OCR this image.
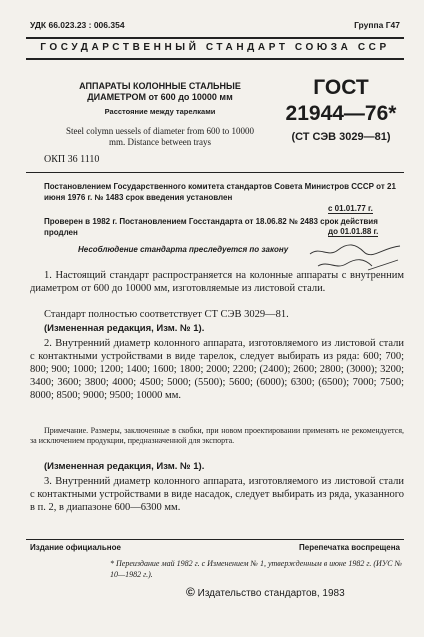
УДК 66.023.23 : 006.354	Группа Г47
ГОСУДАРСТВЕННЫЙ СТАНДАРТ СОЮЗА ССР
АППАРАТЫ КОЛОННЫЕ СТАЛЬНЫЕ ДИАМЕТРОМ от 600 до 10000 мм
Расстояние между тарелками
Steel colymn uessels of diameter from 600 to 10000 mm. Distance between trays
ГОСТ
21944—76*
(СТ СЭВ 3029—81)
ОКП 36 1110
Постановлением Государственного комитета стандартов Совета Министров СССР от 21 июня 1976 г. № 1483 срок введения установлен
с 01.01.77 г.
Проверен в 1982 г. Постановлением Госстандарта от 18.06.82 № 2483 срок действия продлен	до 01.01.88 г.
Несоблюдение стандарта преследуется по закону
1. Настоящий стандарт распространяется на колонные аппараты с внутренним диаметром от 600 до 10000 мм, изготовляемые из листовой стали.
Стандарт полностью соответствует СТ СЭВ 3029—81.
(Измененная редакция, Изм. № 1).
2. Внутренний диаметр колонного аппарата, изготовляемого из листовой стали с контактными устройствами в виде тарелок, следует выбирать из ряда: 600; 700; 800; 900; 1000; 1200; 1400; 1600; 1800; 2000; 2200; (2400); 2600; 2800; (3000); 3200; 3400; 3600; 3800; 4000; 4500; 5000; (5500); 5600; (6000); 6300; (6500); 7000; 7500; 8000; 8500; 9000; 9500; 10000 мм.
Примечание. Размеры, заключенные в скобки, при новом проектировании применять не рекомендуется, за исключением продукции, предназначенной для экспорта.
(Измененная редакция, Изм. № 1).
3. Внутренний диаметр колонного аппарата, изготовляемого из листовой стали с контактными устройствами в виде насадок, следует выбирать из ряда, указанного в п. 2, в диапазоне 600—6300 мм.
Издание официальное	Перепечатка воспрещена
* Переиздание май 1982 г. с Изменением № 1, утвержденным в июне 1982 г. (ИУС № 10—1982 г.).
© Издательство стандартов, 1983
